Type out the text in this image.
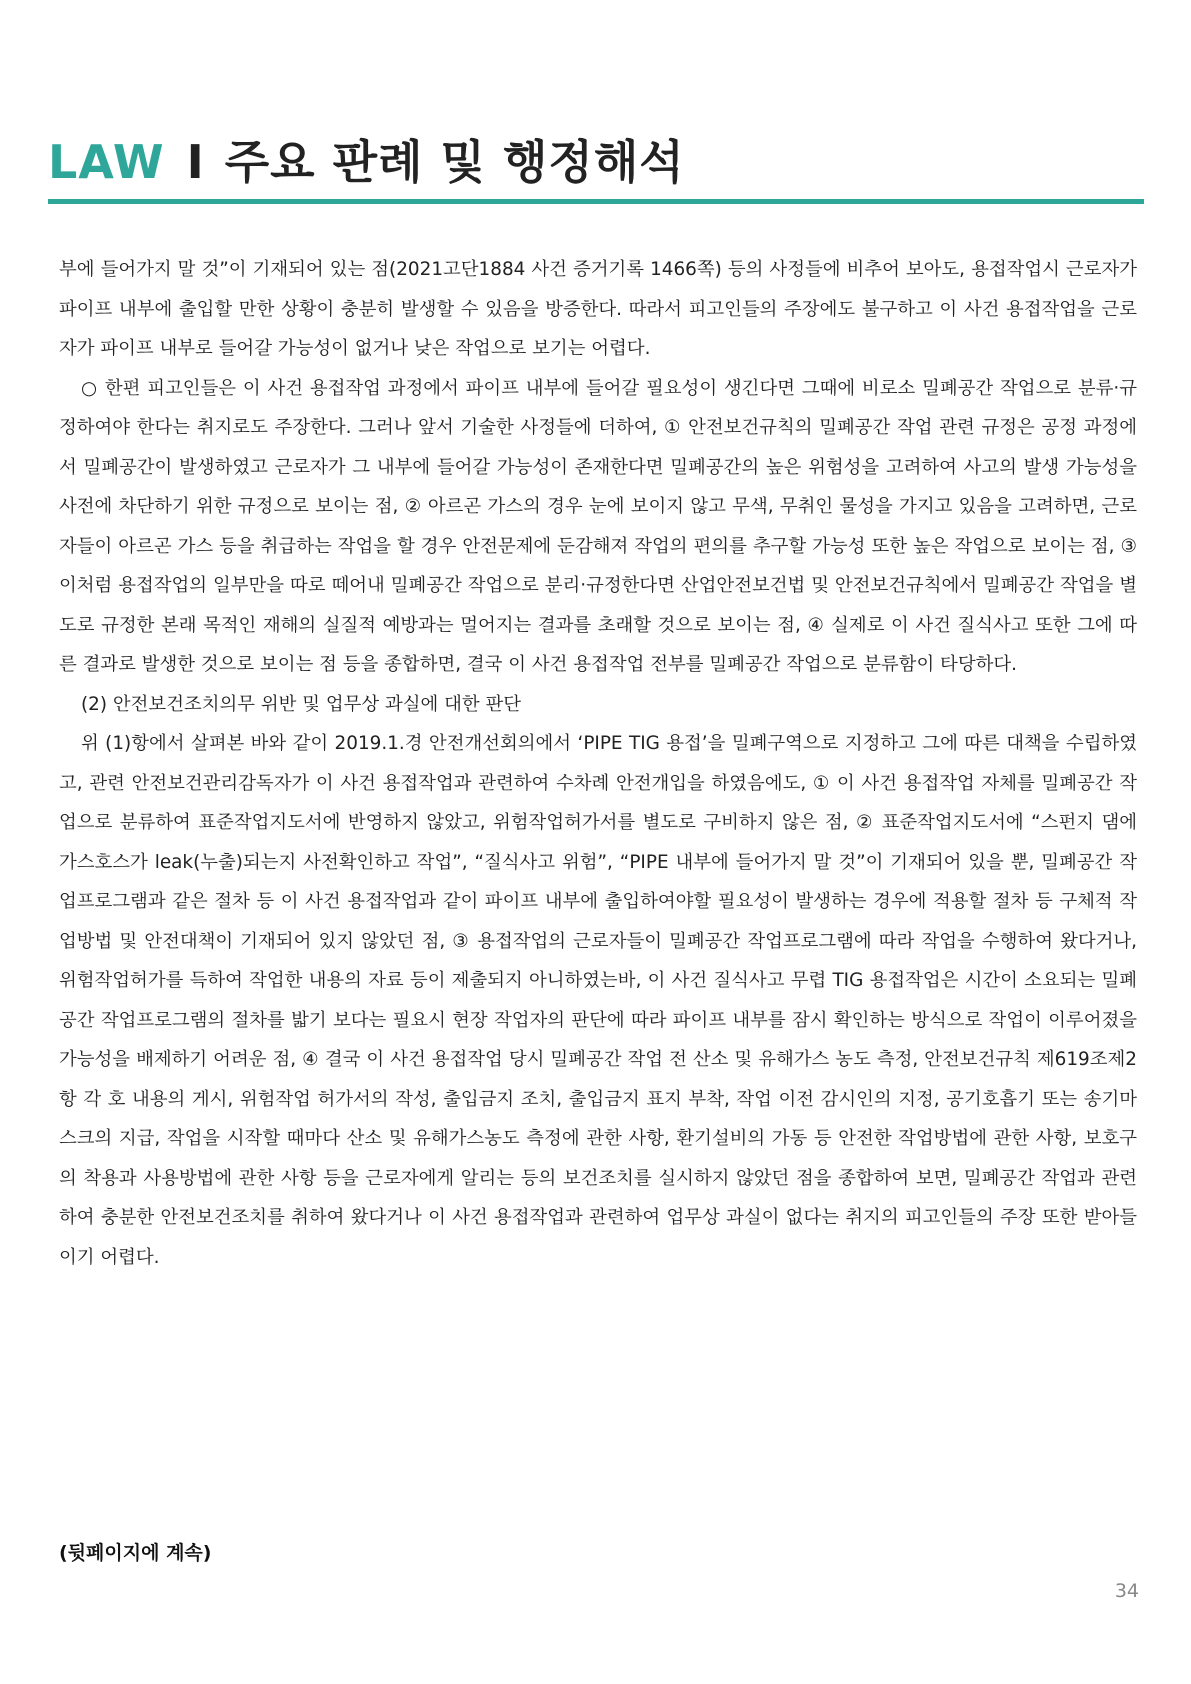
LAW I 주요 판례 및 행정해석

부에 들어가지 말 것”이 기재되어 있는 점(2021고단1884 사건 증거기록 1466쪽) 등의 사정들에 비추어 보아도, 용접작업시 근로자가 파이프 내부에 출입할 만한 상황이 충분히 발생할 수 있음을 방증한다. 따라서 피고인들의 주장에도 불구하고 이 사건 용접작업을 근로자가 파이프 내부로 들어갈 가능성이 없거나 낮은 작업으로 보기는 어렵다.

○ 한편 피고인들은 이 사건 용접작업 과정에서 파이프 내부에 들어갈 필요성이 생긴다면 그때에 비로소 밀폐공간 작업으로 분류·규정하여야 한다는 취지로도 주장한다. 그러나 앞서 기술한 사정들에 더하여, ① 안전보건규칙의 밀폐공간 작업 관련 규정은 공정 과정에서 밀폐공간이 발생하였고 근로자가 그 내부에 들어갈 가능성이 존재한다면 밀폐공간의 높은 위험성을 고려하여 사고의 발생 가능성을 사전에 차단하기 위한 규정으로 보이는 점, ② 아르곤 가스의 경우 눈에 보이지 않고 무색, 무취인 물성을 가지고 있음을 고려하면, 근로자들이 아르곤 가스 등을 취급하는 작업을 할 경우 안전문제에 둔감해져 작업의 편의를 추구할 가능성 또한 높은 작업으로 보이는 점, ③ 이처럼 용접작업의 일부만을 따로 떼어내 밀폐공간 작업으로 분리·규정한다면 산업안전보건법 및 안전보건규칙에서 밀폐공간 작업을 별도로 규정한 본래 목적인 재해의 실질적 예방과는 멀어지는 결과를 초래할 것으로 보이는 점, ④ 실제로 이 사건 질식사고 또한 그에 따른 결과로 발생한 것으로 보이는 점 등을 종합하면, 결국 이 사건 용접작업 전부를 밀폐공간 작업으로 분류함이 타당하다.

(2) 안전보건조치의무 위반 및 업무상 과실에 대한 판단

위 (1)항에서 살펴본 바와 같이 2019.1.경 안전개선회의에서 ‘PIPE TIG 용접’을 밀폐구역으로 지정하고 그에 따른 대책을 수립하였고, 관련 안전보건관리감독자가 이 사건 용접작업과 관련하여 수차례 안전개입을 하였음에도, ① 이 사건 용접작업 자체를 밀폐공간 작업으로 분류하여 표준작업지도서에 반영하지 않았고, 위험작업허가서를 별도로 구비하지 않은 점, ② 표준작업지도서에 “스펀지 댐에 가스호스가 leak(누출)되는지 사전확인하고 작업”, “질식사고 위험”, “PIPE 내부에 들어가지 말 것”이 기재되어 있을 뿐, 밀폐공간 작업프로그램과 같은 절차 등 이 사건 용접작업과 같이 파이프 내부에 출입하여야할 필요성이 발생하는 경우에 적용할 절차 등 구체적 작업방법 및 안전대책이 기재되어 있지 않았던 점, ③ 용접작업의 근로자들이 밀폐공간 작업프로그램에 따라 작업을 수행하여 왔다거나, 위험작업허가를 득하여 작업한 내용의 자료 등이 제출되지 아니하였는바, 이 사건 질식사고 무렵 TIG 용접작업은 시간이 소요되는 밀폐공간 작업프로그램의 절차를 밟기 보다는 필요시 현장 작업자의 판단에 따라 파이프 내부를 잠시 확인하는 방식으로 작업이 이루어졌을 가능성을 배제하기 어려운 점, ④ 결국 이 사건 용접작업 당시 밀폐공간 작업 전 산소 및 유해가스 농도 측정, 안전보건규칙 제619조제2항 각 호 내용의 게시, 위험작업 허가서의 작성, 출입금지 조치, 출입금지 표지 부착, 작업 이전 감시인의 지정, 공기호흡기 또는 송기마스크의 지급, 작업을 시작할 때마다 산소 및 유해가스농도 측정에 관한 사항, 환기설비의 가동 등 안전한 작업방법에 관한 사항, 보호구의 착용과 사용방법에 관한 사항 등을 근로자에게 알리는 등의 보건조치를 실시하지 않았던 점을 종합하여 보면, 밀폐공간 작업과 관련하여 충분한 안전보건조치를 취하여 왔다거나 이 사건 용접작업과 관련하여 업무상 과실이 없다는 취지의 피고인들의 주장 또한 받아들이기 어렵다.

(뒷페이지에 계속)
34
